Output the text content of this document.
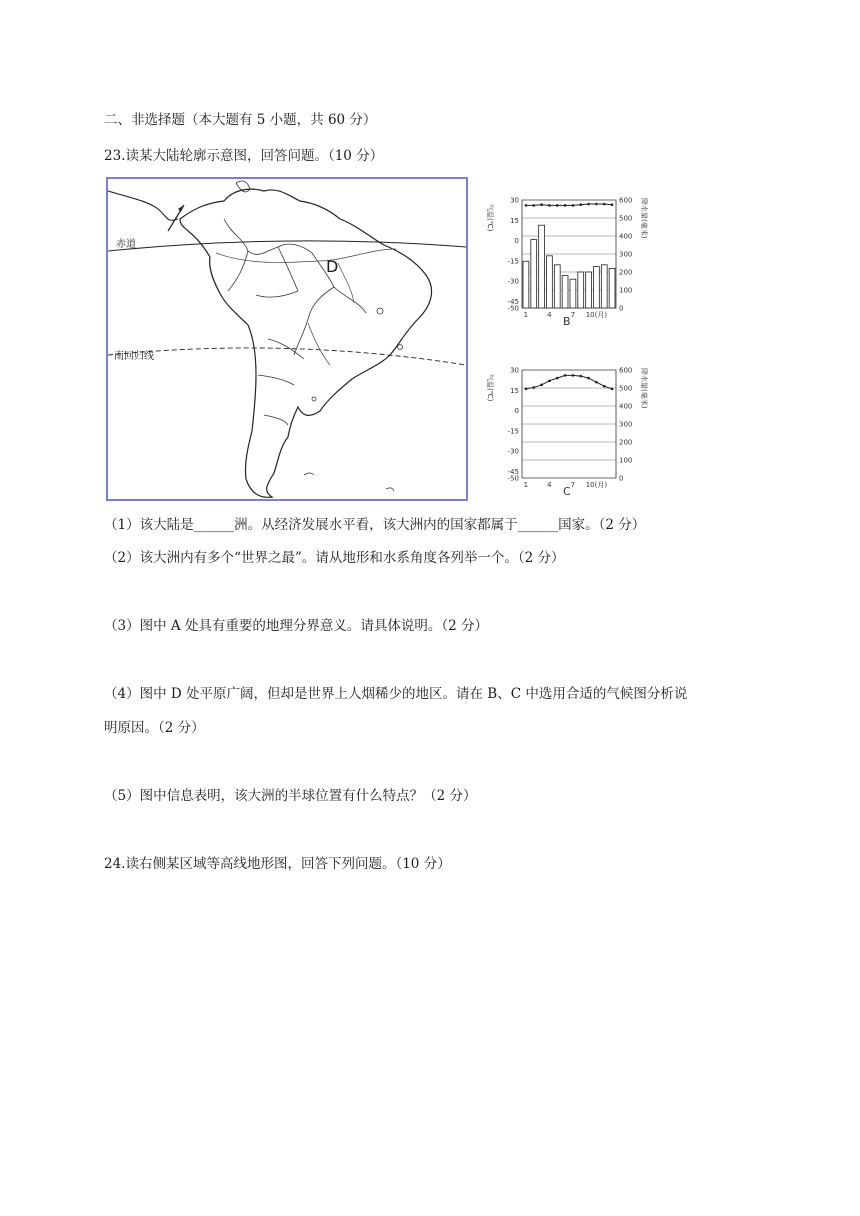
二、非选择题（本大题有 5 小题，共 60 分）
23.读某大陆轮廓示意图，回答问题。（10 分）
赤道
南回归线
D
600
500
400
300
200
100
0
30
15
0
-15
-30
-45
-50
1	4	7 10(月)
气温(℃)	降水量(毫米)
B
600
500
400
300
200
100
0
30
15
0
-15
-30
-45
-50
1	4	7 10(月)
气温(℃)	降水量(毫米)
C
（1）该大陆是______洲。从经济发展水平看，该大洲内的国家都属于______国家。（2 分）
（2）该大洲内有多个“世界之最”。请从地形和水系角度各列举一个。（2 分）
（3）图中 A 处具有重要的地理分界意义。请具体说明。（2 分）
（4）图中 D 处平原广阔，但却是世界上人烟稀少的地区。请在 B、C 中选用合适的气候图分析说
明原因。（2 分）
（5）图中信息表明，该大洲的半球位置有什么特点？（2 分）
24.读右侧某区域等高线地形图，回答下列问题。（10 分）
